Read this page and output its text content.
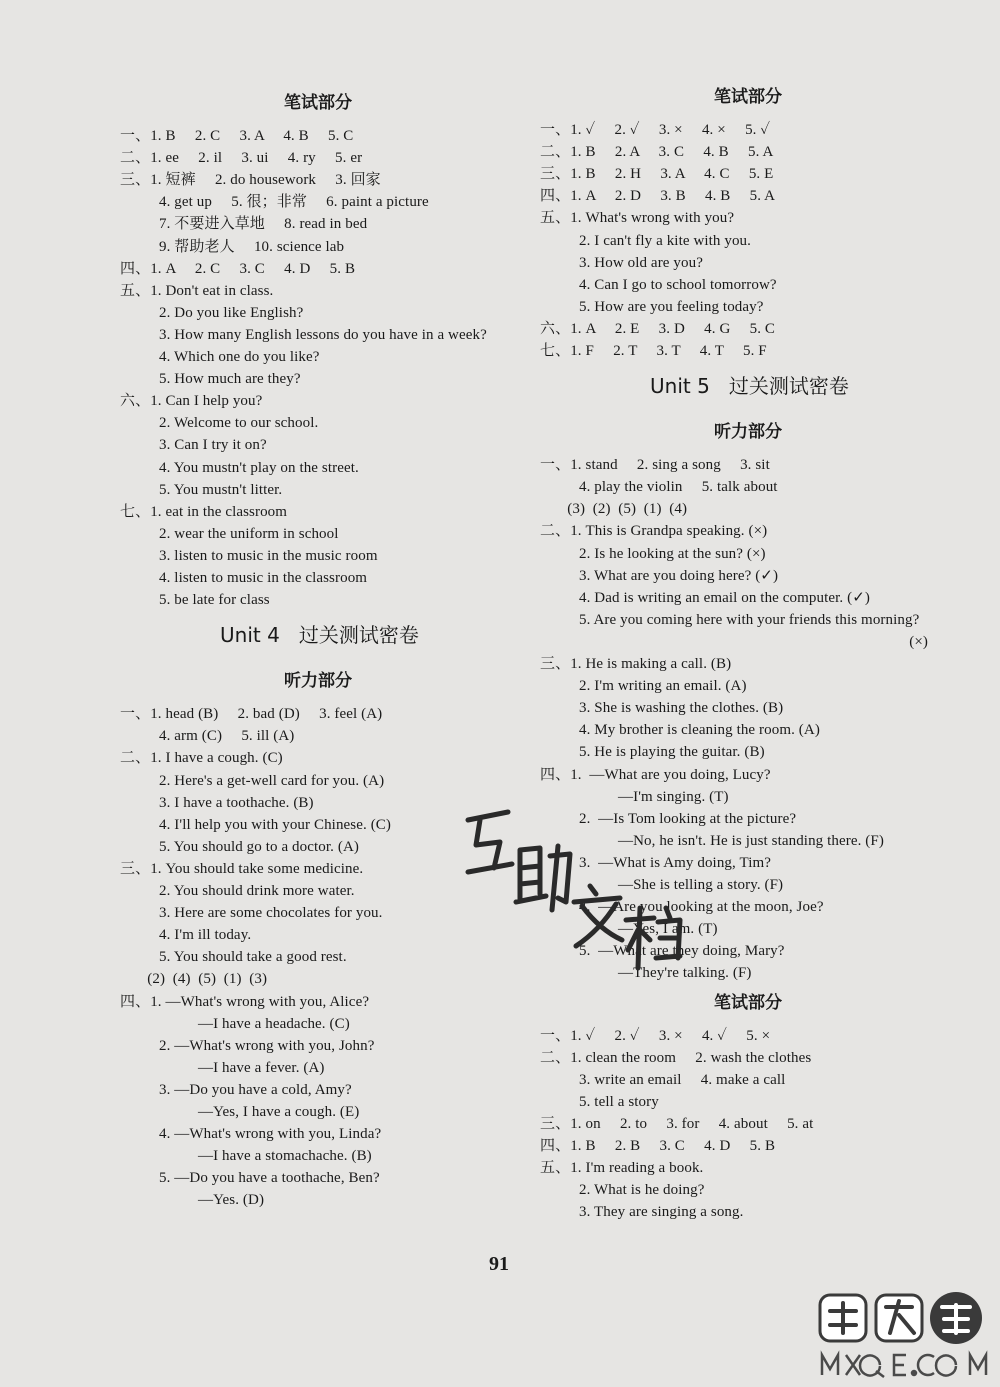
笔试部分
一、1. B     2. C     3. A     4. B     5. C
二、1. ee     2. il     3. ui     4. ry     5. er
三、1. 短裤     2. do housework     3. 回家
4. get up     5. 很；非常     6. paint a picture
7. 不要进入草地     8. read in bed
9. 帮助老人     10. science lab
四、1. A     2. C     3. C     4. D     5. B
五、1. Don't eat in class.
2. Do you like English?
3. How many English lessons do you have in a week?
4. Which one do you like?
5. How much are they?
六、1. Can I help you?
2. Welcome to our school.
3. Can I try it on?
4. You mustn't play on the street.
5. You mustn't litter.
七、1. eat in the classroom
2. wear the uniform in school
3. listen to music in the music room
4. listen to music in the classroom
5. be late for class
Unit 4   过关测试密卷
听力部分
一、1. head (B)     2. bad (D)     3. feel (A)
4. arm (C)     5. ill (A)
二、1. I have a cough. (C)
2. Here's a get-well card for you. (A)
3. I have a toothache. (B)
4. I'll help you with your Chinese. (C)
5. You should go to a doctor. (A)
三、1. You should take some medicine.
2. You should drink more water.
3. Here are some chocolates for you.
4. I'm ill today.
5. You should take a good rest.
(2)  (4)  (5)  (1)  (3)
四、1. —What's wrong with you, Alice?
—I have a headache. (C)
2. —What's wrong with you, John?
—I have a fever. (A)
3. —Do you have a cold, Amy?
—Yes, I have a cough. (E)
4. —What's wrong with you, Linda?
—I have a stomachache. (B)
5. —Do you have a toothache, Ben?
—Yes. (D)
笔试部分
一、1. ✓     2. ✓     3. ×     4. ×     5. ✓
二、1. B     2. A     3. C     4. B     5. A
三、1. B     2. H     3. A     4. C     5. E
四、1. A     2. D     3. B     4. B     5. A
五、1. What's wrong with you?
2. I can't fly a kite with you.
3. How old are you?
4. Can I go to school tomorrow?
5. How are you feeling today?
六、1. A     2. E     3. D     4. G     5. C
七、1. F     2. T     3. T     4. T     5. F
Unit 5   过关测试密卷
听力部分
一、1. stand     2. sing a song     3. sit
4. play the violin     5. talk about
(3)  (2)  (5)  (1)  (4)
二、1. This is Grandpa speaking. (×)
2. Is he looking at the sun? (×)
3. What are you doing here? (✓)
4. Dad is writing an email on the computer. (✓)
5. Are you coming here with your friends this morning?
(×)
三、1. He is making a call. (B)
2. I'm writing an email. (A)
3. She is washing the clothes. (B)
4. My brother is cleaning the room. (A)
5. He is playing the guitar. (B)
四、1.  —What are you doing, Lucy?
—I'm singing. (T)
2.  —Is Tom looking at the picture?
—No, he isn't. He is just standing there. (F)
3.  —What is Amy doing, Tim?
—She is telling a story. (F)
4.  —Are you looking at the moon, Joe?
—Yes, I am. (T)
5.  —What are they doing, Mary?
—They're talking. (F)
笔试部分
一、1. ✓     2. ✓     3. ×     4. ✓     5. ×
二、1. clean the room     2. wash the clothes
3. write an email     4. make a call
5. tell a story
三、1. on     2. to     3. for     4. about     5. at
四、1. B     2. B     3. C     4. D     5. B
五、1. I'm reading a book.
2. What is he doing?
3. They are singing a song.
91
